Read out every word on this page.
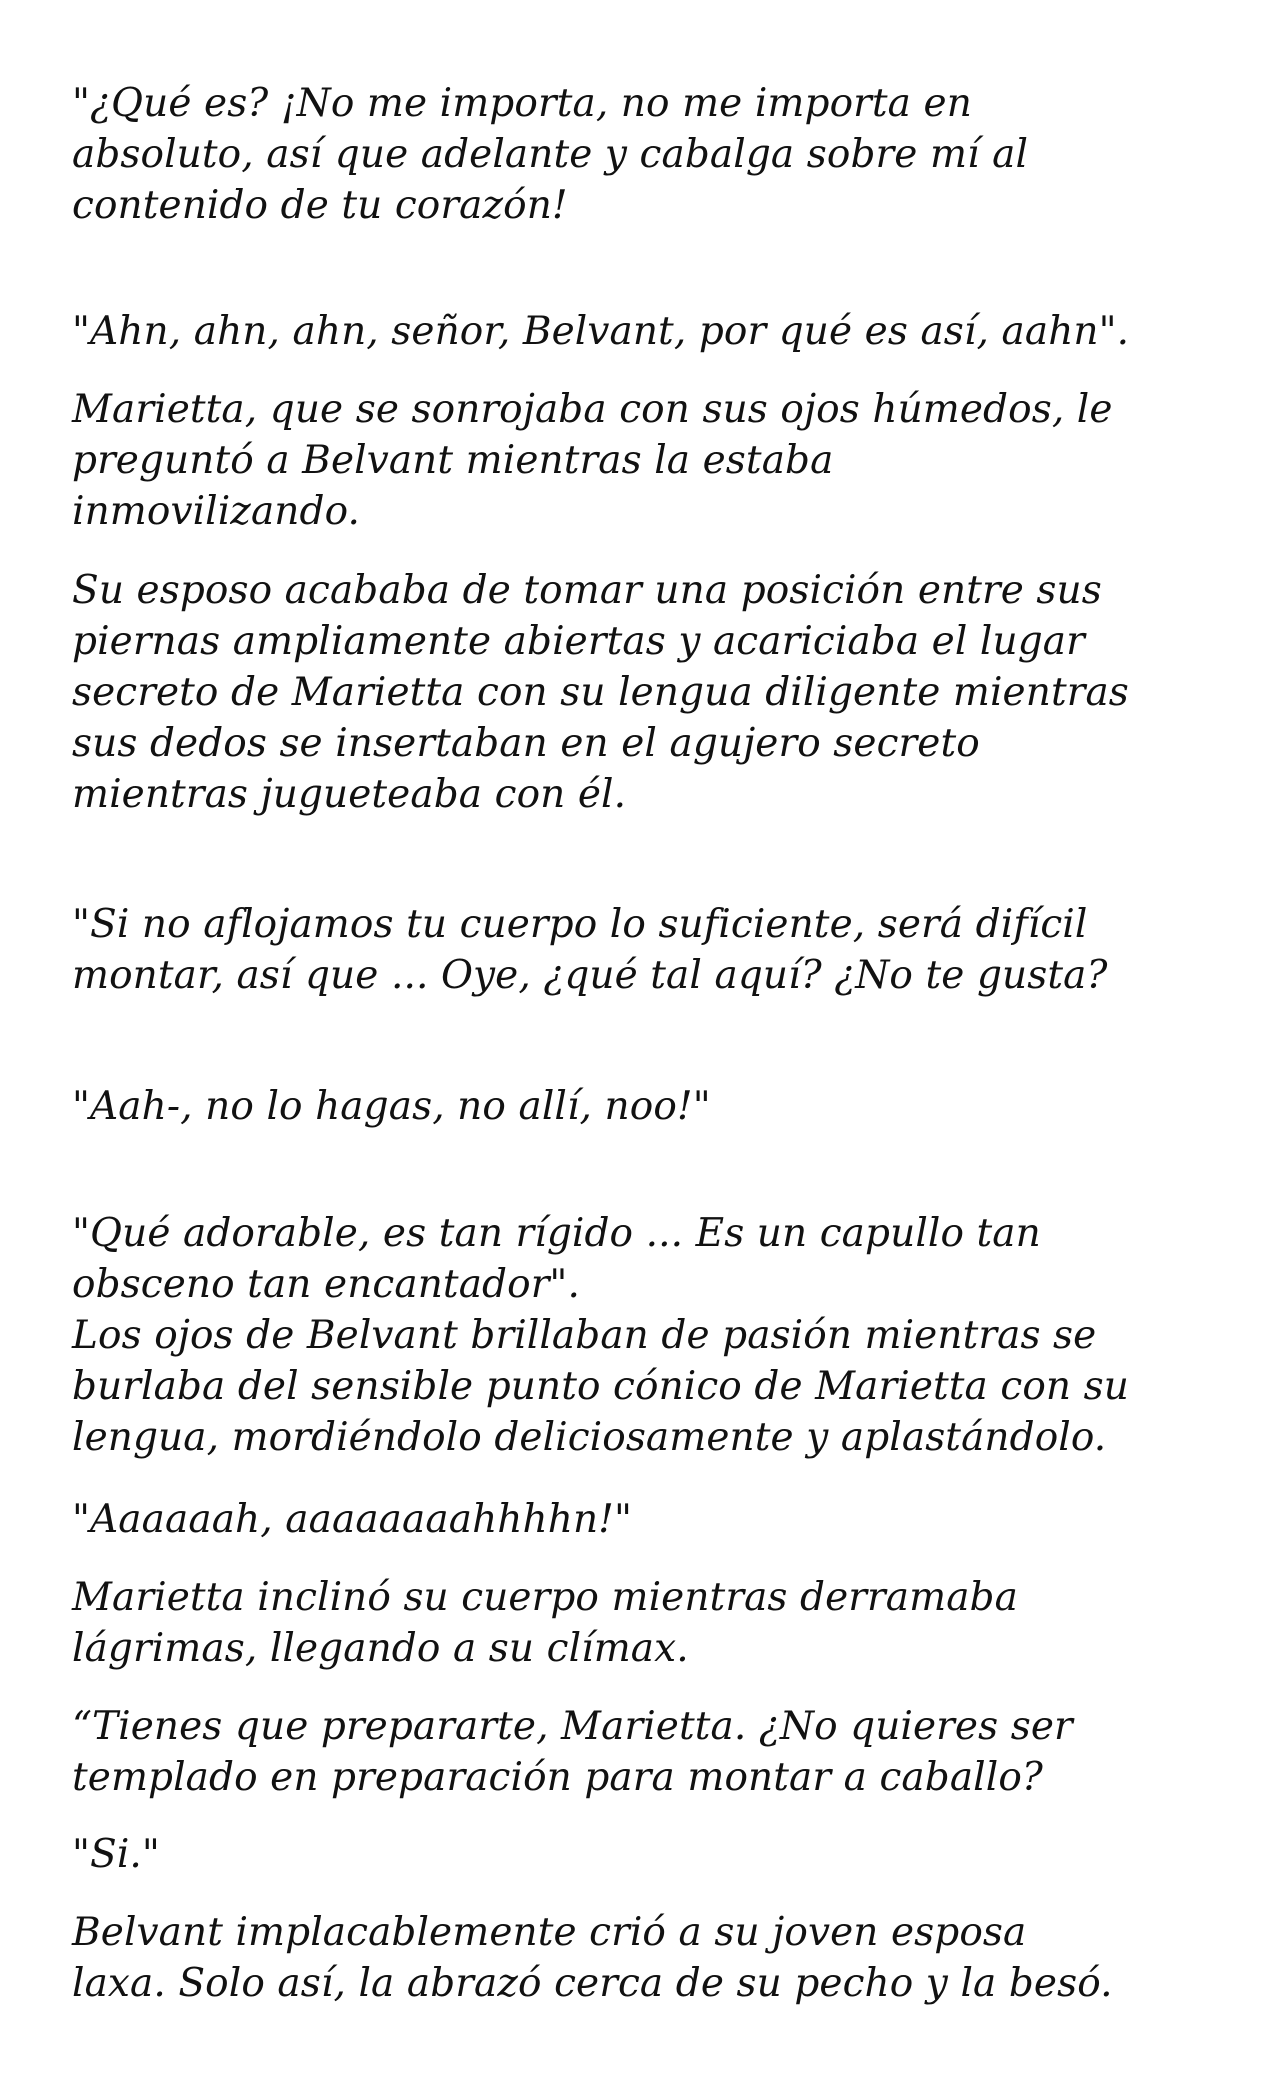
"¿Qué es? ¡No me importa, no me importa en
absoluto, así que adelante y cabalga sobre mí al
contenido de tu corazón!

"Ahn, ahn, ahn, señor, Belvant, por qué es así, aahn".

Marietta, que se sonrojaba con sus ojos húmedos, le
preguntó a Belvant mientras la estaba
inmovilizando.

Su esposo acababa de tomar una posición entre sus
piernas ampliamente abiertas y acariciaba el lugar
secreto de Marietta con su lengua diligente mientras
sus dedos se insertaban en el agujero secreto
mientras jugueteaba con él.

"Si no aflojamos tu cuerpo lo suficiente, será difícil
montar, así que ... Oye, ¿qué tal aquí? ¿No te gusta?

"Aah-, no lo hagas, no allí, noo!"

"Qué adorable, es tan rígido ... Es un capullo tan
obsceno tan encantador".
Los ojos de Belvant brillaban de pasión mientras se
burlaba del sensible punto cónico de Marietta con su
lengua, mordiéndolo deliciosamente y aplastándolo.

"Aaaaaah, aaaaaaaahhhhn!"

Marietta inclinó su cuerpo mientras derramaba
lágrimas, llegando a su clímax.

“Tienes que prepararte, Marietta. ¿No quieres ser
templado en preparación para montar a caballo?

"Si."

Belvant implacablemente crió a su joven esposa
laxa. Solo así, la abrazó cerca de su pecho y la besó.
